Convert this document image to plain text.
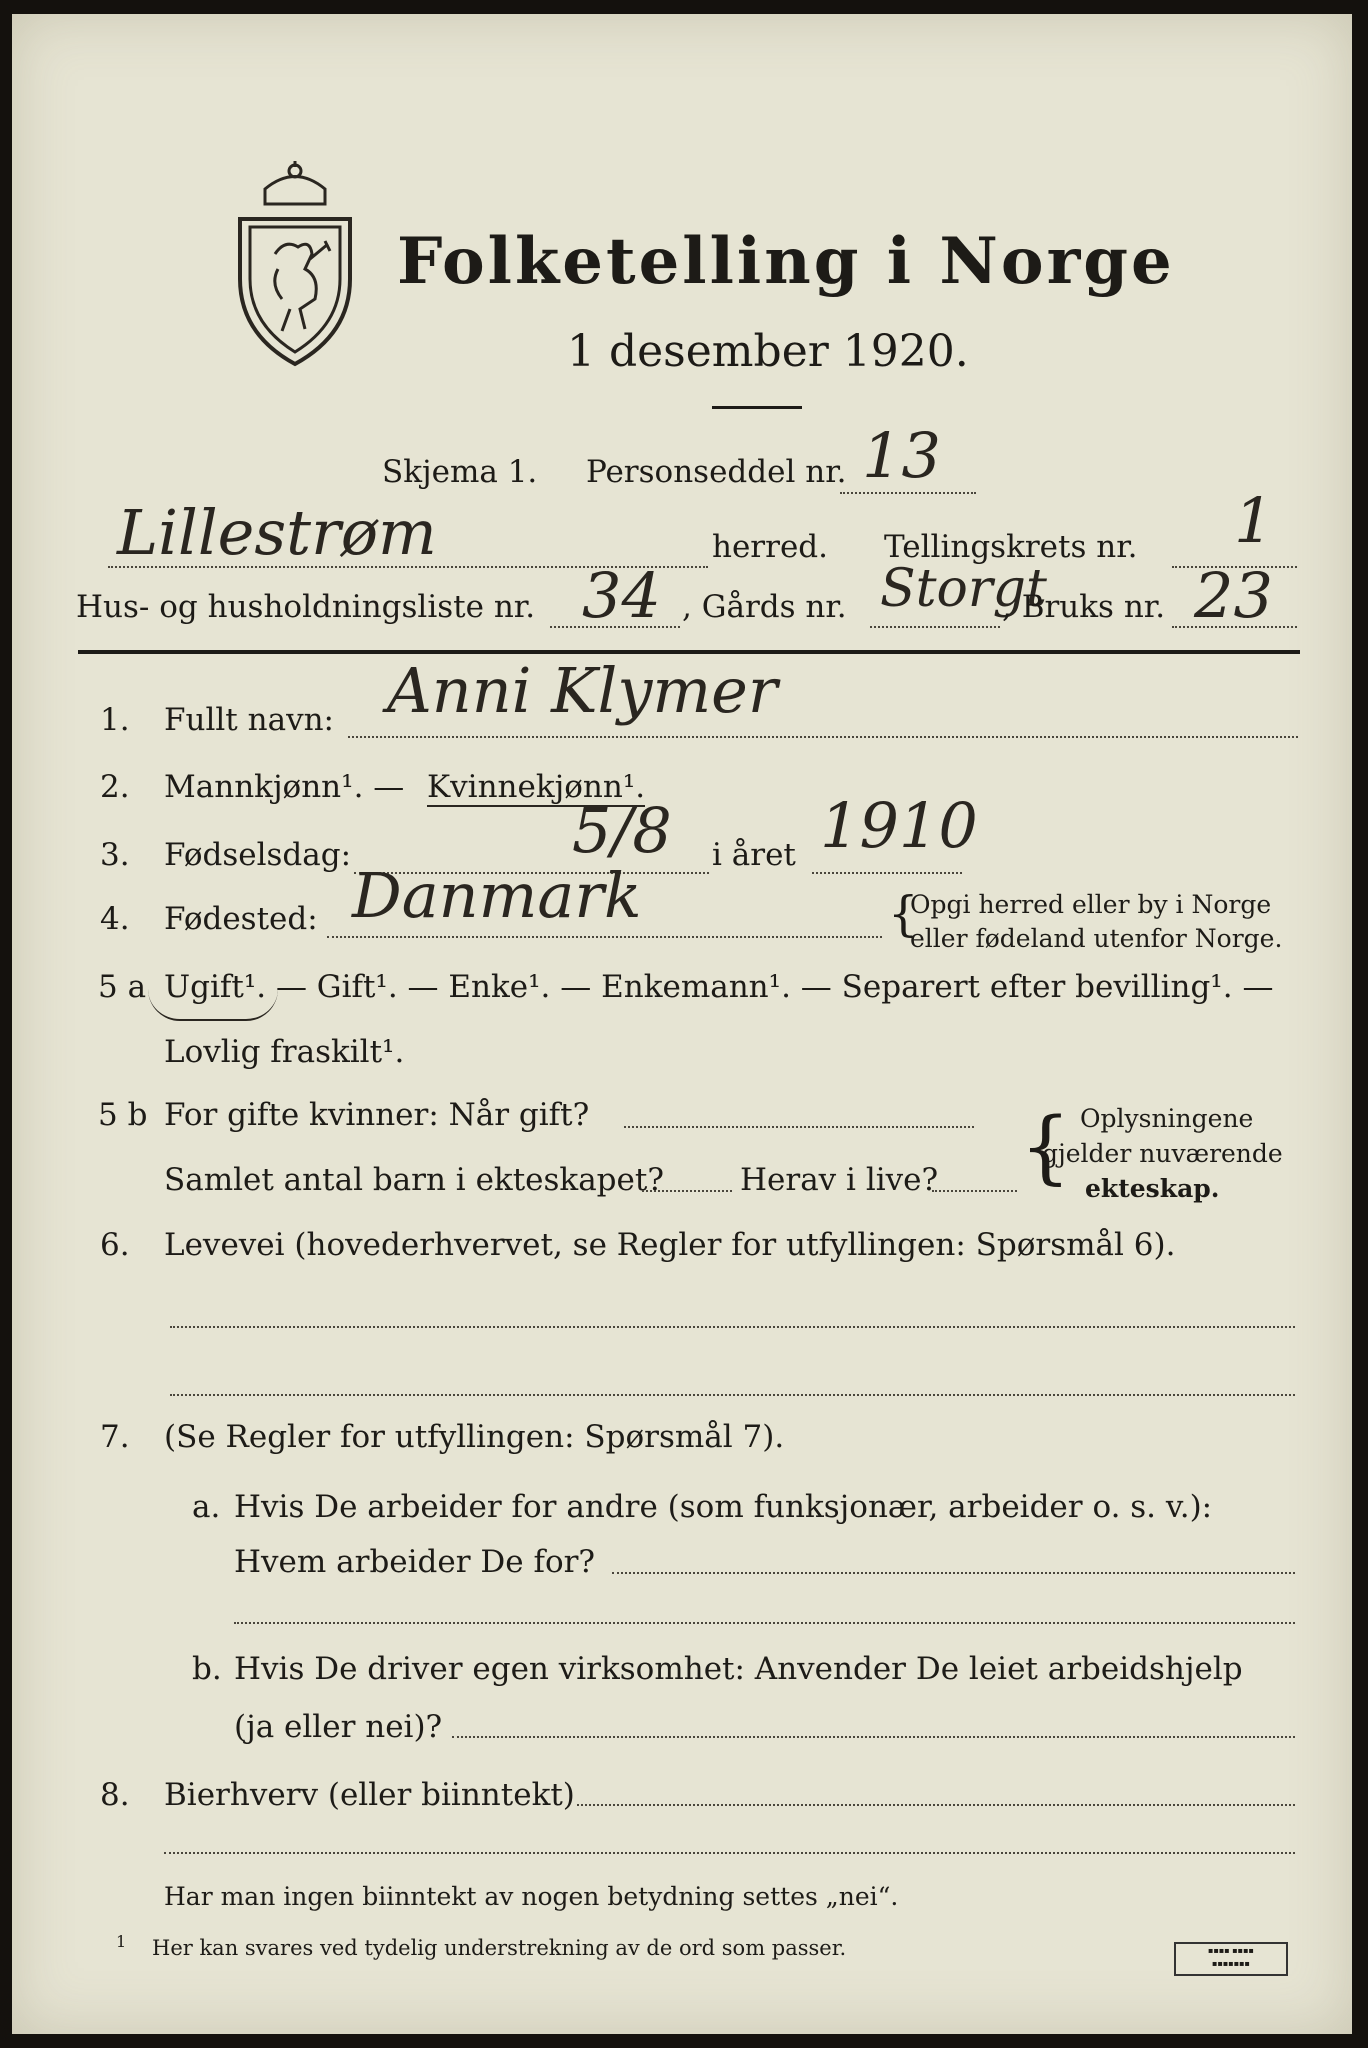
Folketelling i Norge
1 desember 1920.
Skjema 1. Personseddel nr. 13
Lillestrøm	herred. Tellingskrets nr. 1
Hus- og husholdningsliste nr. 34 , Gårds nr. Storgt
, Bruks nr. 23
1. Fullt navn: Anni Klymer
2. Mannkjønn¹. — Kvinnekjønn¹.
3. Fødselsdag:	5/8 i året 1910
4. Fødested: Danmark	{
Opgi herred eller by i Norge
eller fødeland utenfor Norge.
5 a Ugift¹. — Gift¹. — Enke¹. — Enkemann¹. — Separert efter bevilling¹. —
Lovlig fraskilt¹.
5 b For gifte kvinner: Når gift?
Samlet antal barn i ekteskapet? Herav i live? { Oplysningene
gjelder nuværende
ekteskap.
6. Levevei (hovederhvervet, se Regler for utfyllingen: Spørsmål 6).
7. (Se Regler for utfyllingen: Spørsmål 7).
a. Hvis De arbeider for andre (som funksjonær, arbeider o. s. v.):
Hvem arbeider De for?
b. Hvis De driver egen virksomhet: Anvender De leiet arbeidshjelp
(ja eller nei)?
8. Bierhverv (eller biinntekt)
Har man ingen biinntekt av nogen betydning settes „nei“.
1 Her kan svares ved tydelig understrekning av de ord som passer.	▪▪▪▪ ▪▪▪▪
▪▪▪▪▪▪▪
